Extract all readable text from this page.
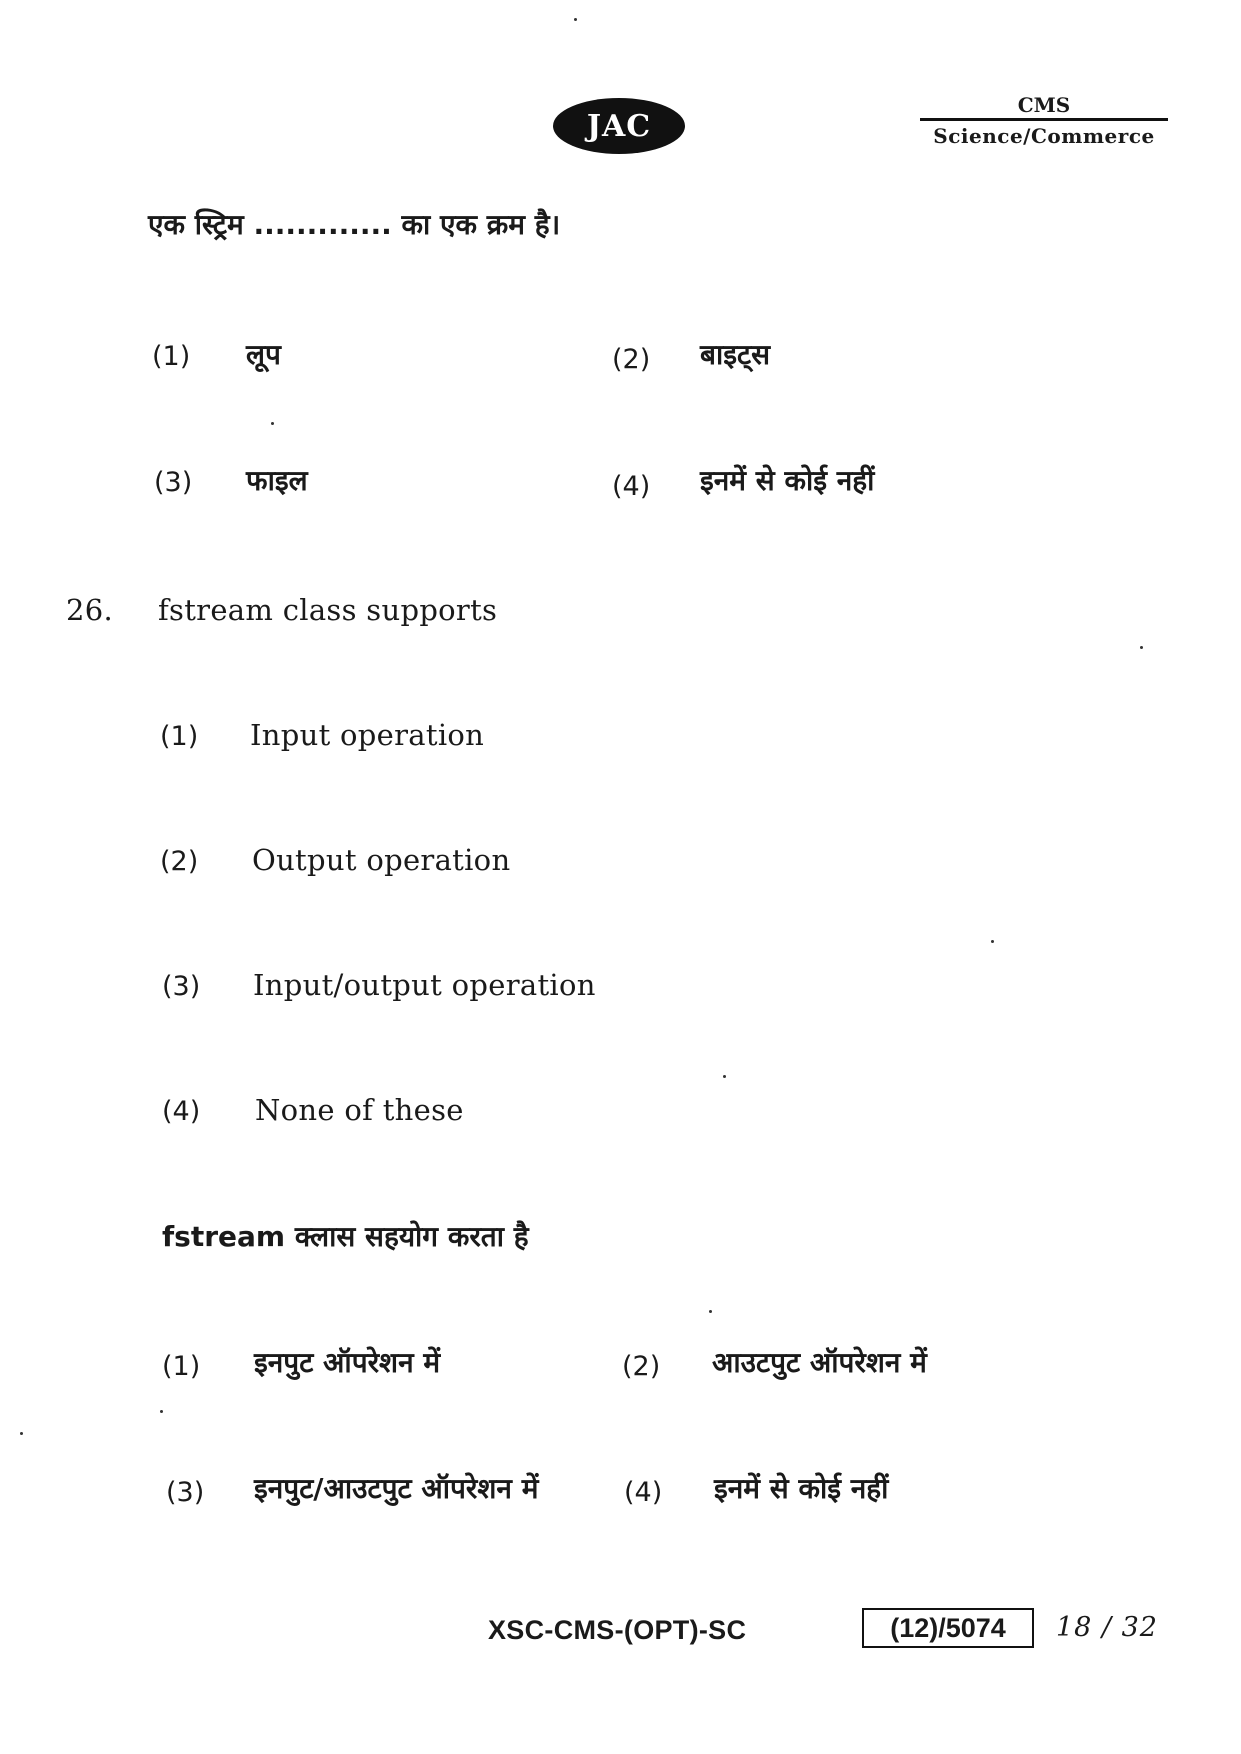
JAC
CMS
Science/Commerce
एक स्ट्रिम ............. का एक क्रम है।
(1) लूप	(2) बाइट्स
(3) फाइल	(4) इनमें से कोई नहीं
26. fstream class supports
(1) Input operation
(2) Output operation
(3) Input/output operation
(4) None of these
fstream क्लास सहयोग करता है
(1) इनपुट ऑपरेशन में	(2) आउटपुट ऑपरेशन में
(3) इनपुट/आउटपुट ऑपरेशन में	(4) इनमें से कोई नहीं
XSC-CMS-(OPT)-SC	(12)/5074 18 / 32
